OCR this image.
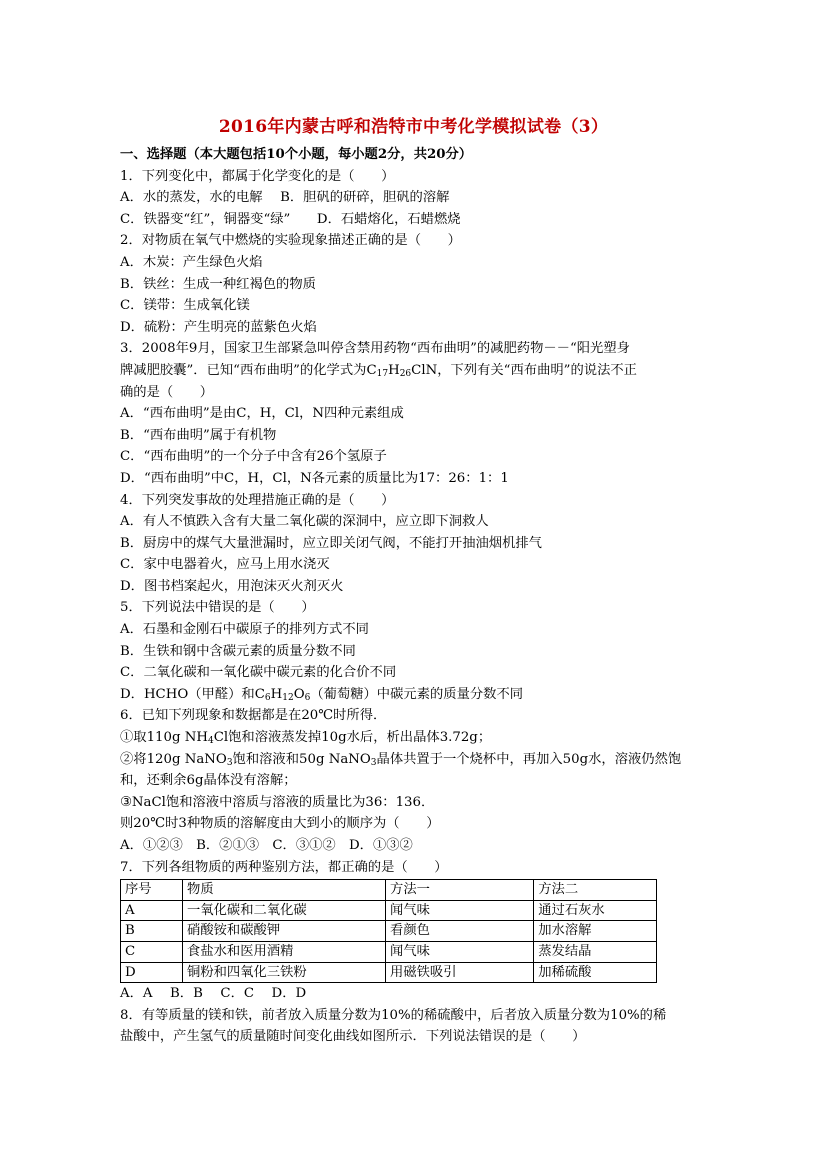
2016年内蒙古呼和浩特市中考化学模拟试卷（3）
一、选择题（本大题包括10个小题，每小题2分，共20分）
1．下列变化中，都属于化学变化的是（　　）
A．水的蒸发，水的电解　 B．胆矾的研碎，胆矾的溶解
C．铁器变“红”，铜器变“绿”　　D．石蜡熔化，石蜡燃烧
2．对物质在氧气中燃烧的实验现象描述正确的是（　　）
A．木炭：产生绿色火焰
B．铁丝：生成一种红褐色的物质
C．镁带：生成氧化镁
D．硫粉：产生明亮的蓝紫色火焰
3．2008年9月，国家卫生部紧急叫停含禁用药物“西布曲明”的减肥药物－－“阳光塑身
牌减肥胶囊”．已知“西布曲明”的化学式为$C_{17}H_{26}ClN$，下列有关“西布曲明”的说法不正
确的是（　　）
A．“西布曲明”是由C，H，Cl，N四种元素组成
B．“西布曲明”属于有机物
C．“西布曲明”的一个分子中含有26个氢原子
D．“西布曲明”中C，H，Cl，N各元素的质量比为17：26：1：1
4．下列突发事故的处理措施正确的是（　　）
A．有人不慎跌入含有大量二氧化碳的深洞中，应立即下洞救人
B．厨房中的煤气大量泄漏时，应立即关闭气阀，不能打开抽油烟机排气
C．家中电器着火，应马上用水浇灭
D．图书档案起火，用泡沫灭火剂灭火
5．下列说法中错误的是（　　）
A．石墨和金刚石中碳原子的排列方式不同
B．生铁和钢中含碳元素的质量分数不同
C．二氧化碳和一氧化碳中碳元素的化合价不同
D．HCHO（甲醛）和$C_6H_{12}O_6$（葡萄糖）中碳元素的质量分数不同
6．已知下列现象和数据都是在20℃时所得．
①取110g $NH_4Cl$饱和溶液蒸发掉10g水后，析出晶体3.72g；
②将120g NaNO$_3$饱和溶液和50g NaNO$_3$晶体共置于一个烧杯中，再加入50g水，溶液仍然饱
和，还剩余6g晶体没有溶解；
③NaCl饱和溶液中溶质与溶液的质量比为36：136．
则20℃时3种物质的溶解度由大到小的顺序为（　　）
A．①②③　B．②①③　C．③①②　D．①③②
7．下列各组物质的两种鉴别方法，都正确的是（　　）
序号	物质	方法一	方法二
A	一氧化碳和二氧化碳	闻气味	通过石灰水
B	硝酸铵和碳酸钾	看颜色	加水溶解
C	食盐水和医用酒精	闻气味	蒸发结晶
D	铜粉和四氧化三铁粉	用磁铁吸引	加稀硫酸
A．A　 B．B　 C．C　 D．D
8．有等质量的镁和铁，前者放入质量分数为10%的稀硫酸中，后者放入质量分数为10%的稀
盐酸中，产生氢气的质量随时间变化曲线如图所示．下列说法错误的是（　　）
